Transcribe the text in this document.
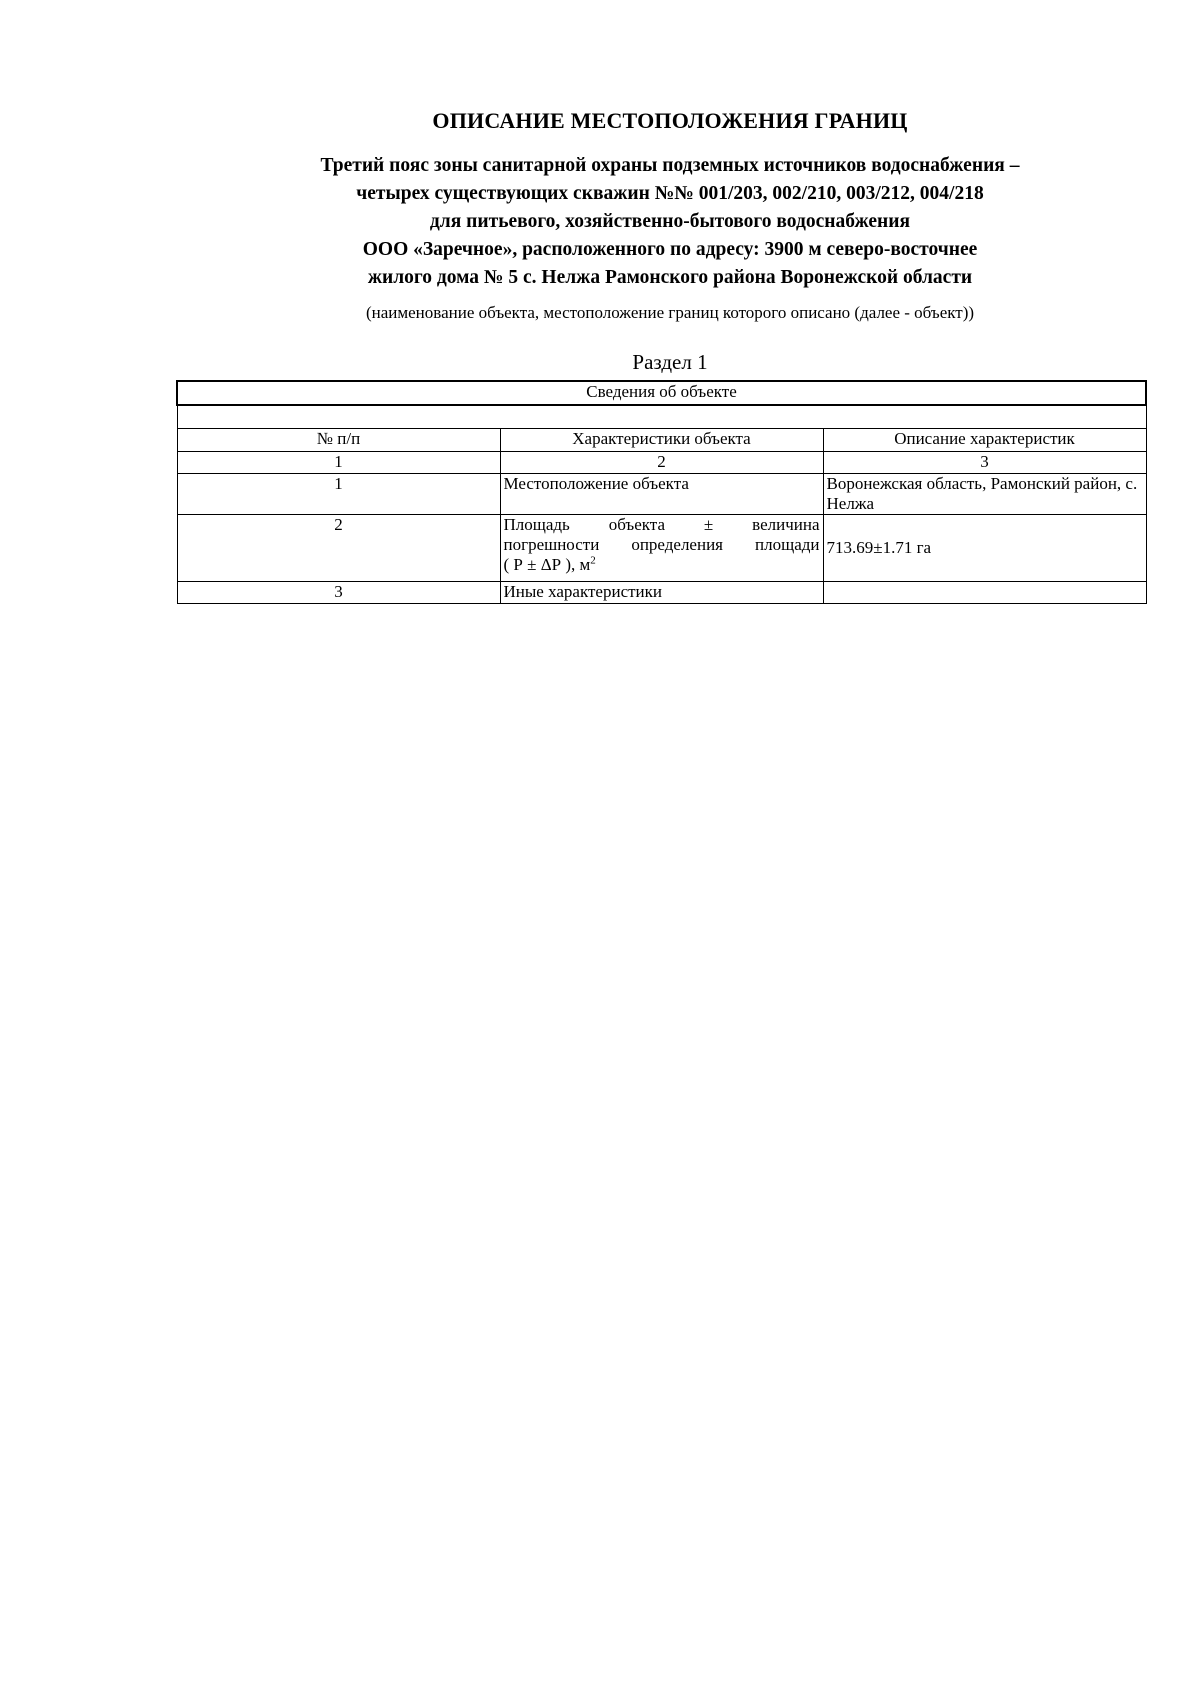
ОПИСАНИЕ МЕСТОПОЛОЖЕНИЯ ГРАНИЦ
Третий пояс зоны санитарной охраны подземных источников водоснабжения –
четырех существующих скважин №№ 001/203, 002/210, 003/212, 004/218
для питьевого, хозяйственно-бытового водоснабжения
ООО «Заречное», расположенного по адресу: 3900 м северо-восточнее
жилого дома № 5 с. Нелжа Рамонского района Воронежской области
(наименование объекта, местоположение границ которого описано (далее - объект))
Раздел 1
Сведения об объекте		

№ п/п	Характеристики объекта	Описание характеристик
1	2	3
1	Местоположение объекта	Воронежская область, Рамонский район, с. Нелжа
2	Площадь объекта ± величина
погрешности определения площади
( Р ± ΔР ), $м^2$	713.69±1.71 га
3	Иные характеристики	
